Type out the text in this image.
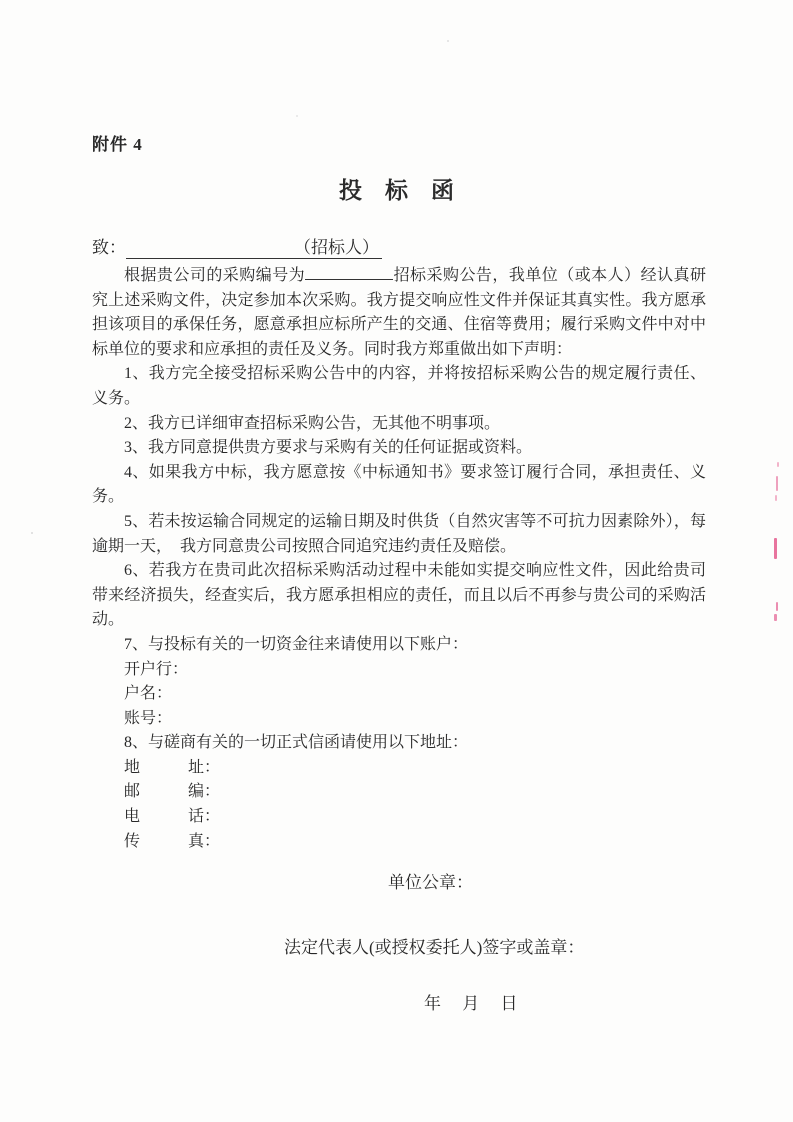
附件 4
投　标　函
致：	（招标人）

根据贵公司的采购编号为	招标采购公告，我单位（或本人）经认真研究上述采购文件，决定参加本次采购。我方提交响应性文件并保证其真实性。我方愿承担该项目的承保任务，愿意承担应标所产生的交通、住宿等费用；履行采购文件中对中标单位的要求和应承担的责任及义务。同时我方郑重做出如下声明：

1、我方完全接受招标采购公告中的内容，并将按招标采购公告的规定履行责任、义务。

2、我方已详细审查招标采购公告，无其他不明事项。

3、我方同意提供贵方要求与采购有关的任何证据或资料。

4、如果我方中标，我方愿意按《中标通知书》要求签订履行合同，承担责任、义务。

5、若未按运输合同规定的运输日期及时供货（自然灾害等不可抗力因素除外），每逾期一天，　我方同意贵公司按照合同追究违约责任及赔偿。

6、若我方在贵司此次招标采购活动过程中未能如实提交响应性文件，因此给贵司带来经济损失，经查实后，我方愿承担相应的责任，而且以后不再参与贵公司的采购活动。

7、与投标有关的一切资金往来请使用以下账户：

开户行：

户名：

账号：

8、与磋商有关的一切正式信函请使用以下地址：

地　　　址：

邮　　　编：

电　　　话：

传　　　真：

单位公章：
法定代表人(或授权委托人)签字或盖章：
年　 月　 日
